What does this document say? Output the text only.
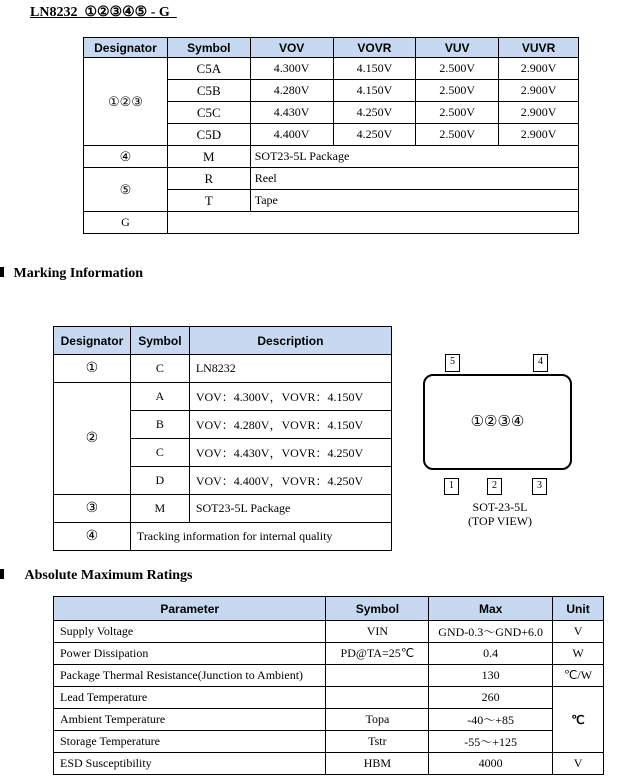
LN8232 ①②③④⑤ - G
Designator	Symbol	VOV	VOVR	VUV	VUVR
①②③	C5A	4.300V	4.150V	2.500V	2.900V
	C5B	4.280V	4.150V	2.500V	2.900V
	C5C	4.430V	4.250V	2.500V	2.900V
	C5D	4.400V	4.250V	2.500V	2.900V
④	M	SOT23-5L Package			
⑤	R	Reel			
	T	Tape			
G					
Marking Information
Designator	Symbol	Description
①	C	LN8232
②	A	VOV：4.300V，VOVR：4.150V
	B	VOV：4.280V，VOVR：4.150V
	C	VOV：4.430V，VOVR：4.250V
	D	VOV：4.400V，VOVR：4.250V
③	M	SOT23-5L Package
④	Tracking information for internal quality	
5	4
①②③④
1	2	3
SOT-23-5L
(TOP VIEW)
Absolute Maximum Ratings
Parameter	Symbol	Max	Unit
Supply Voltage	VIN	GND-0.3～GND+6.0	V
Power Dissipation	PD@TA=25℃	0.4	W
Package Thermal Resistance(Junction to Ambient)		130	℃/W
Lead Temperature		260	℃
Ambient Temperature	Topa	-40～+85	
Storage Temperature	Tstr	-55～+125	
ESD Susceptibility	HBM	4000	V
